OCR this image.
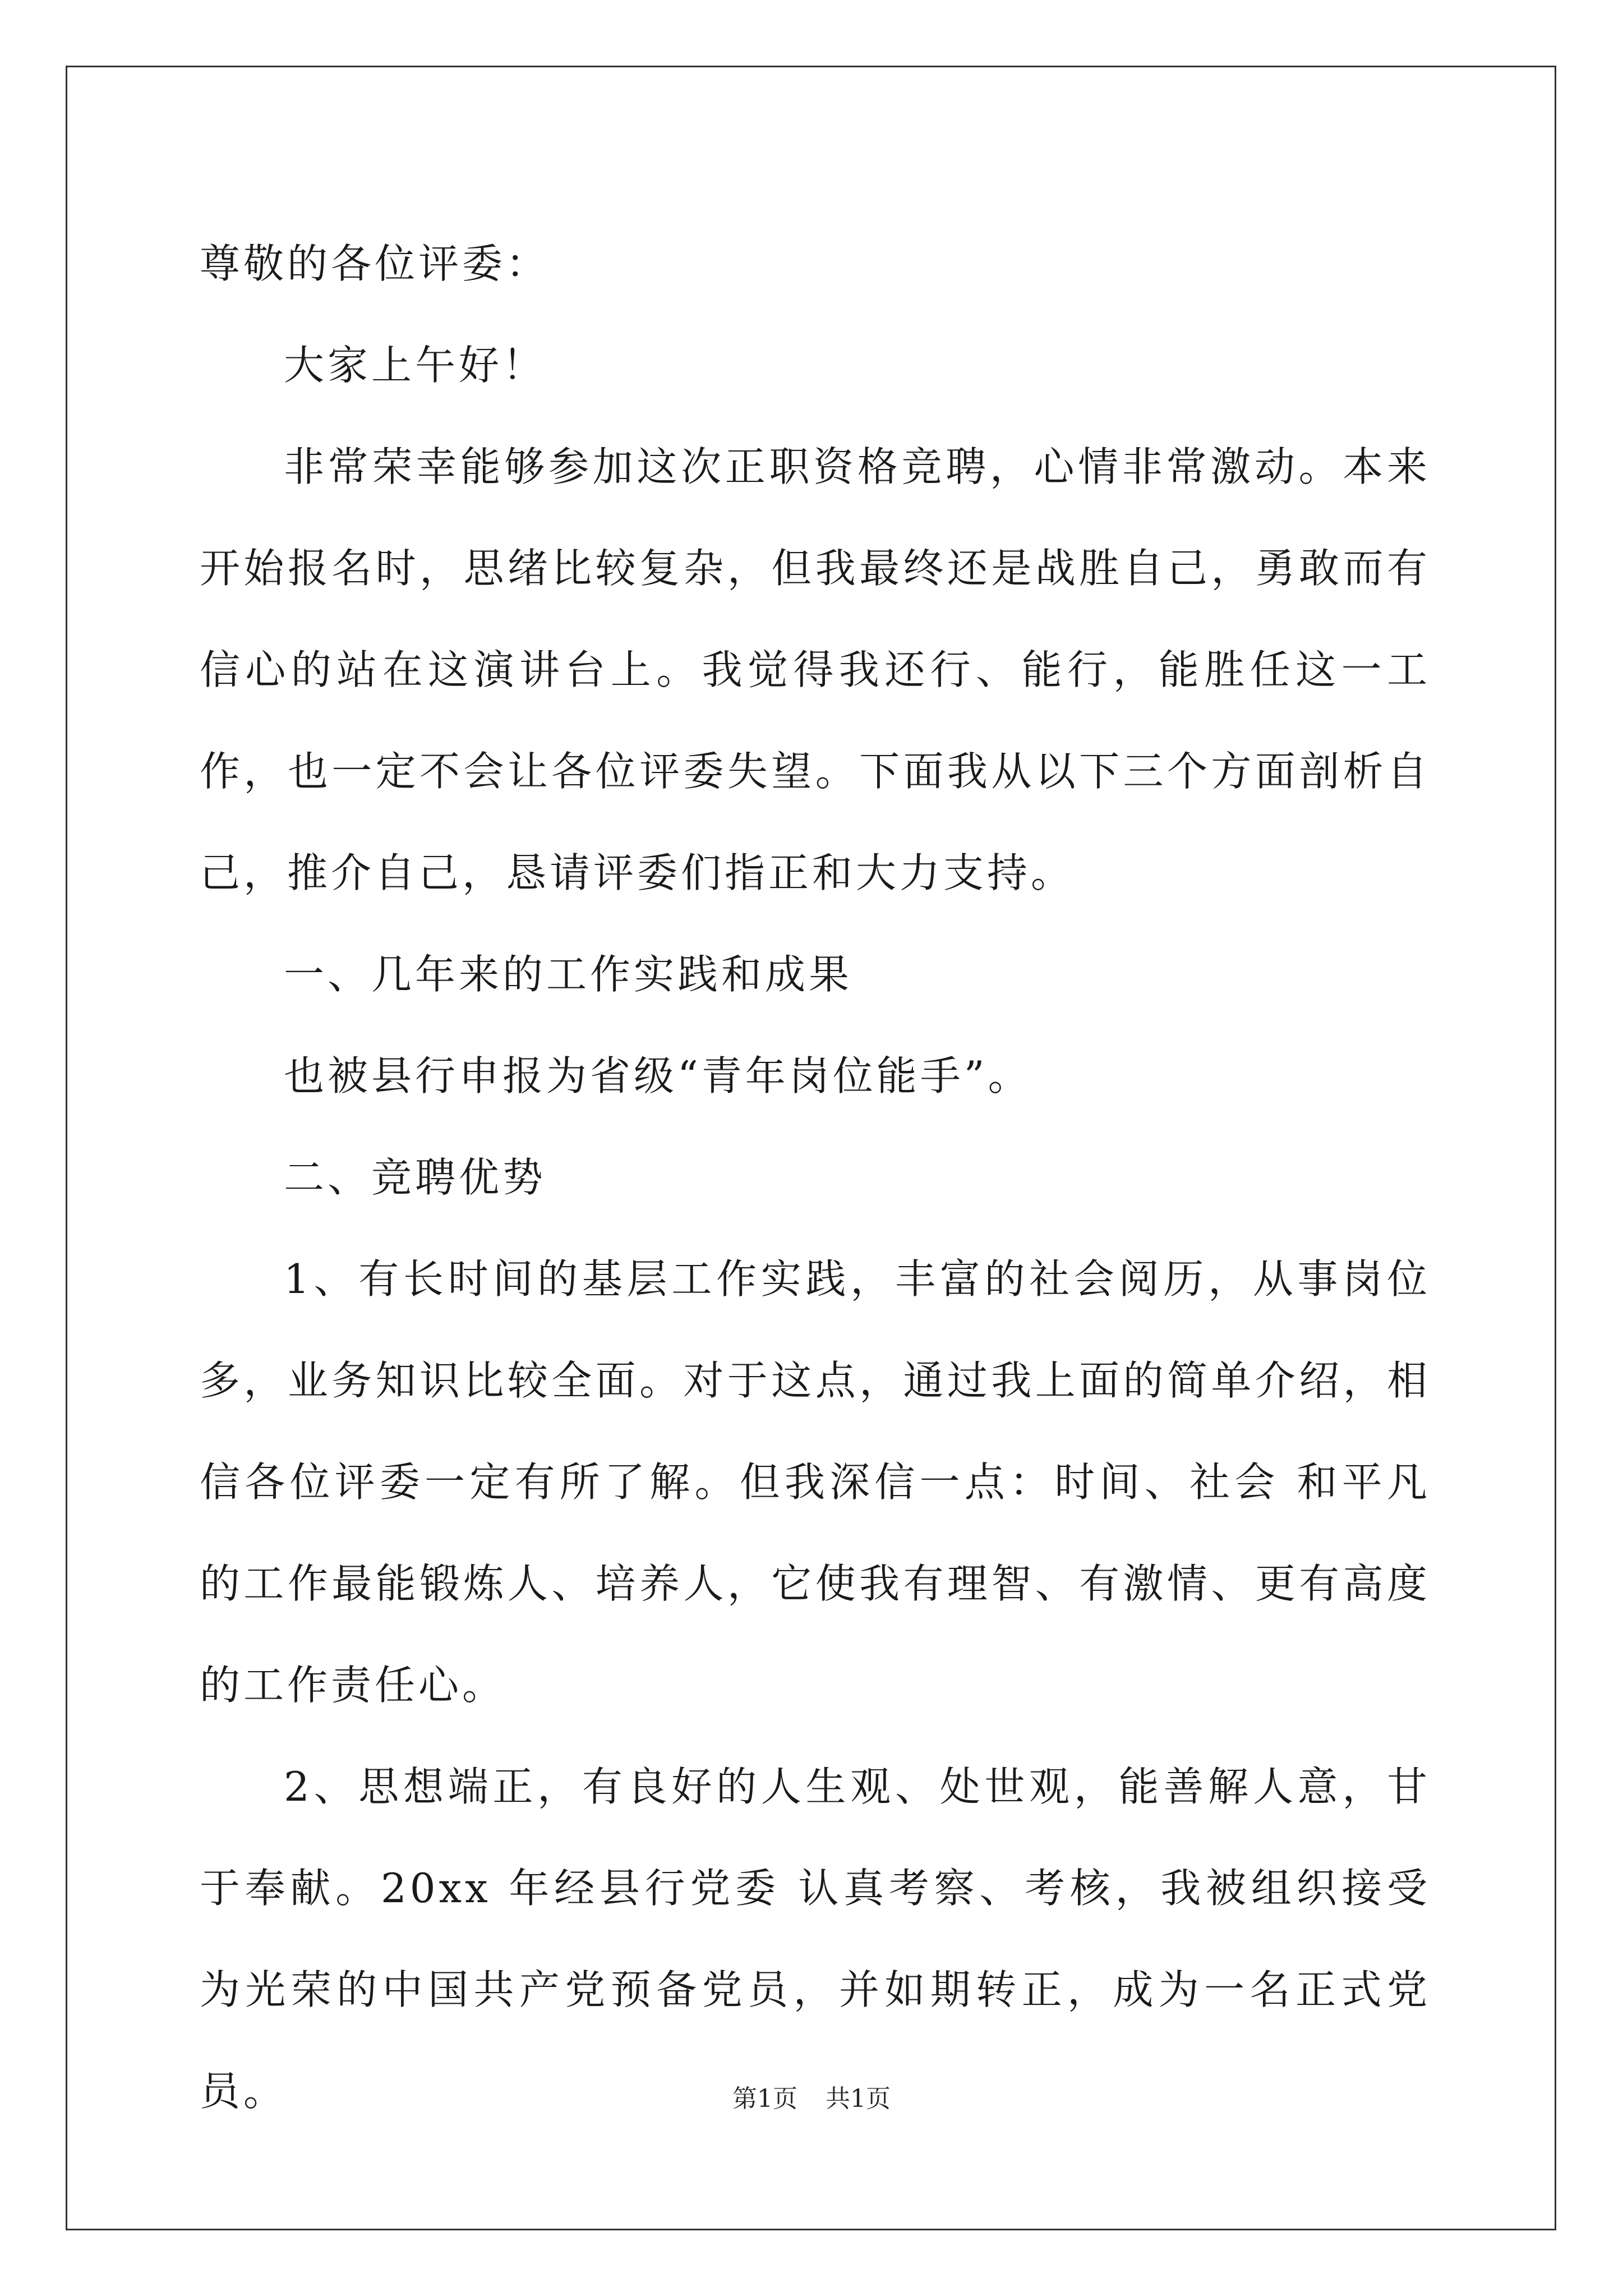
尊敬的各位评委：

大家上午好！

非常荣幸能够参加这次正职资格竞聘，心情非常激动。本来开始报名时，思绪比较复杂，但我最终还是战胜自己，勇敢而有信心的站在这演讲台上。我觉得我还行、能行，能胜任这一工作，也一定不会让各位评委失望。下面我从以下三个方面剖析自己，推介自己，恳请评委们指正和大力支持。

一、几年来的工作实践和成果

也被县行申报为省级“青年岗位能手”。

二、竞聘优势

1、有长时间的基层工作实践，丰富的社会阅历，从事岗位多，业务知识比较全面。对于这点，通过我上面的简单介绍，相信各位评委一定有所了解。但我深信一点：时间、社会 和平凡的工作最能锻炼人、培养人，它使我有理智、有激情、更有高度的工作责任心。

2、思想端正，有良好的人生观、处世观，能善解人意，甘于奉献。20xx 年经县行党委 认真考察、考核，我被组织接受为光荣的中国共产党预备党员，并如期转正，成为一名正式党员。	第1页 共1页
